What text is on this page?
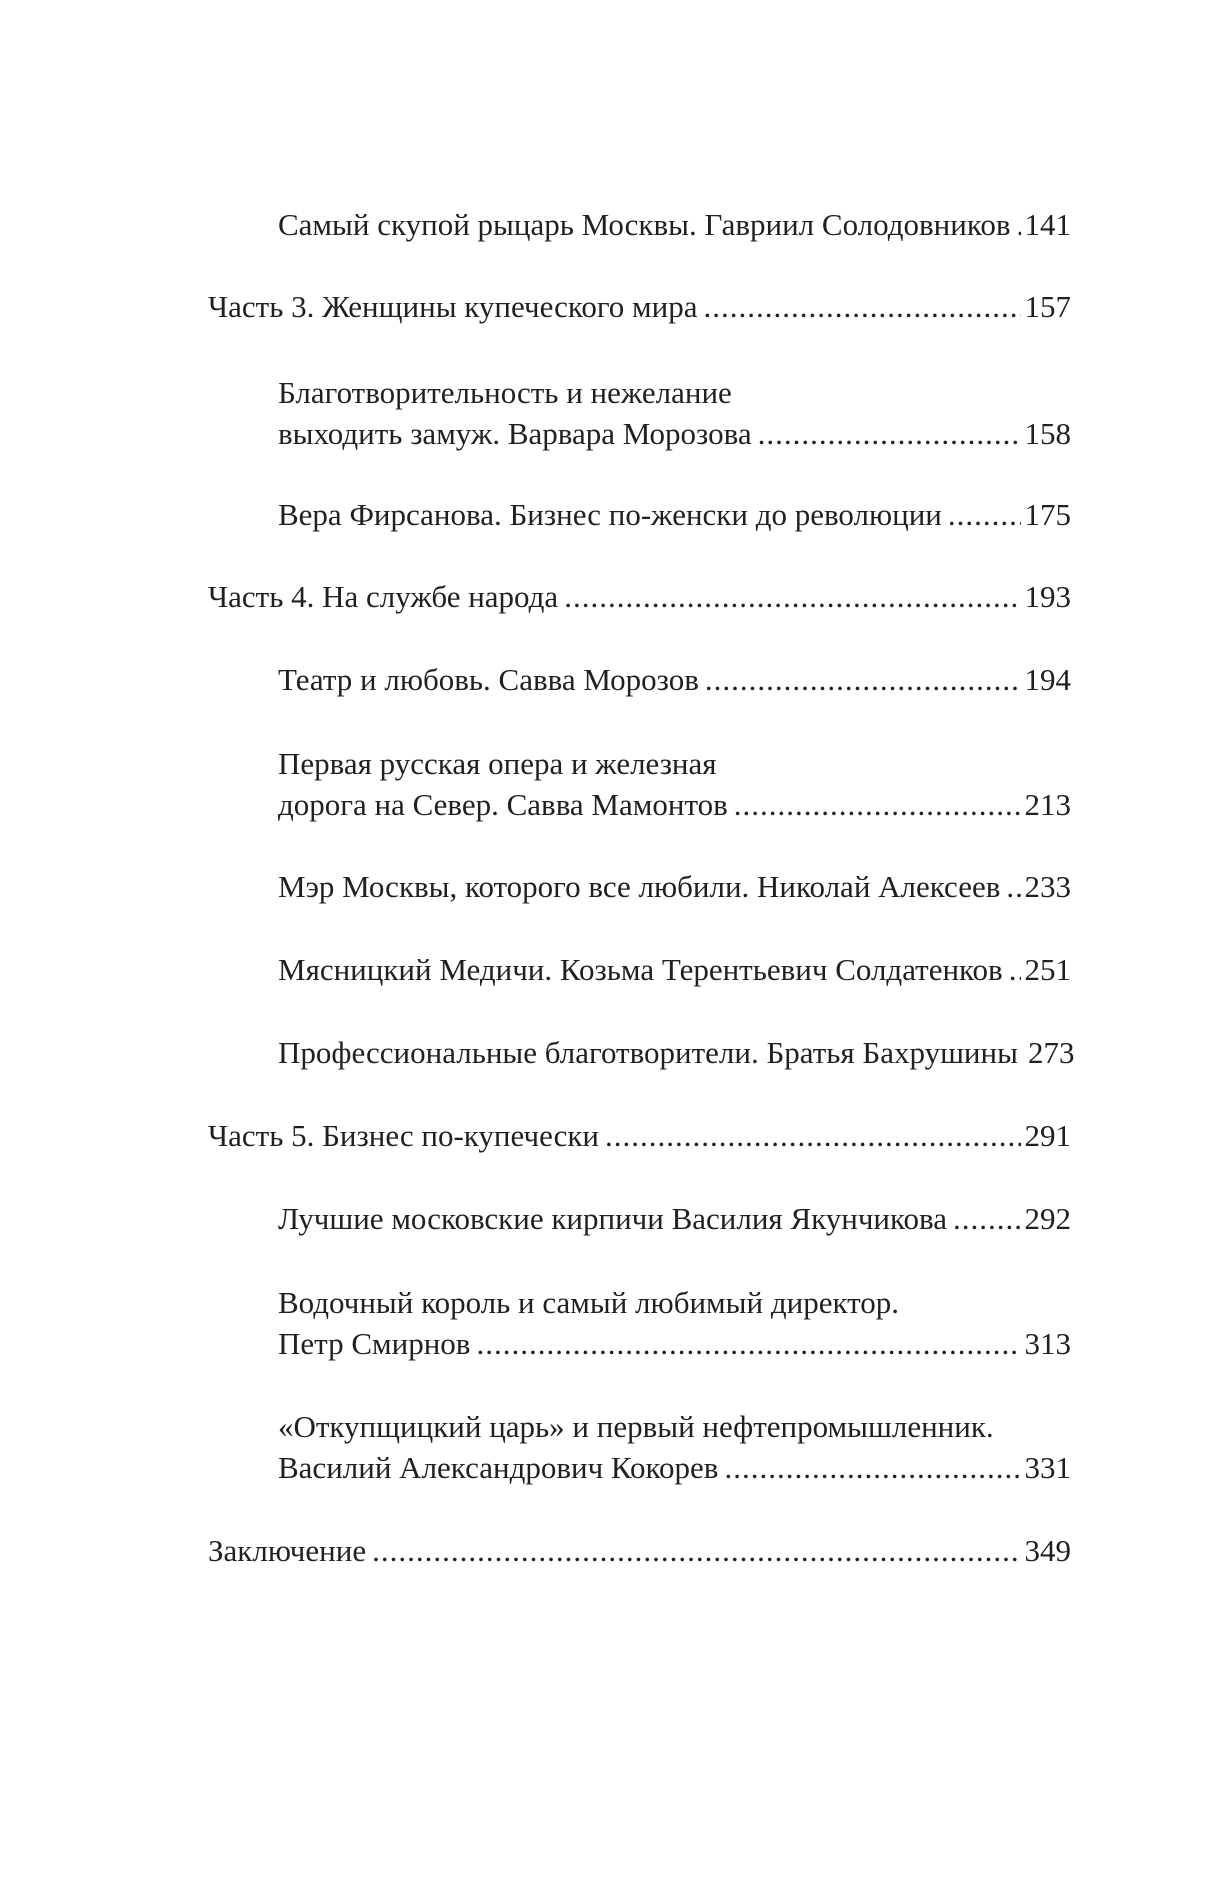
Самый скупой рыцарь Москвы. Гавриил Солодовников ..... 141
Часть 3. Женщины купеческого мира .....	157
Благотворительность и нежелание
выходить замуж. Варвара Морозова .....	158
Вера Фирсанова. Бизнес по-женски до революции .....	175
Часть 4. На службе народа .....	193
Театр и любовь. Савва Морозов .....	194
Первая русская опера и железная
дорога на Север. Савва Мамонтов .....	213
Мэр Москвы, которого все любили. Николай Алексеев ..... 233
Мясницкий Медичи. Козьма Терентьевич Солдатенков ..... 251
Профессиональные благотворители. Братья Бахрушины 273
Часть 5. Бизнес по-купечески .....	291
Лучшие московские кирпичи Василия Якунчикова .....	292
Водочный король и самый любимый директор.
Петр Смирнов .....	313
«Откупщицкий царь» и первый нефтепромышленник.
Василий Александрович Кокорев .....	331
Заключение .....	349
